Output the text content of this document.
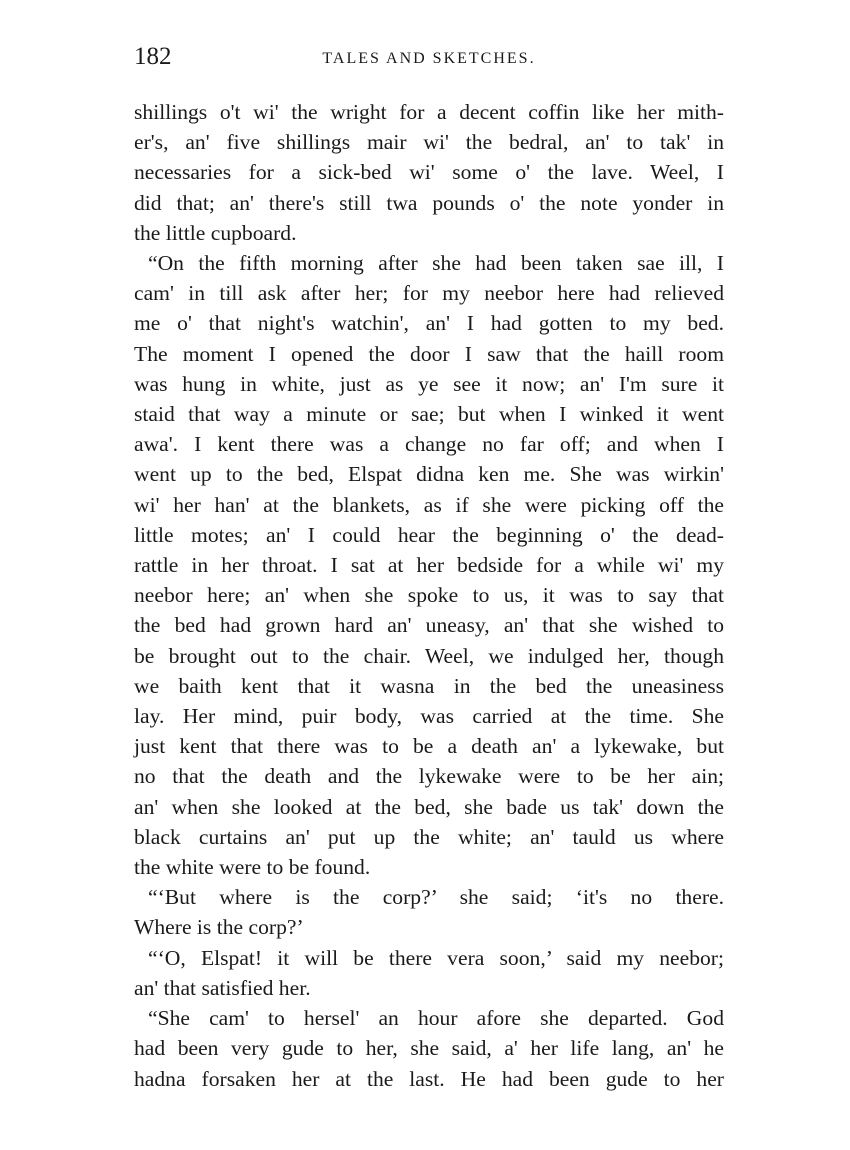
182	TALES AND SKETCHES.
shillings o't wi' the wright for a decent coffin like her mith-
er's, an' five shillings mair wi' the bedral, an' to tak' in
necessaries for a sick-bed wi' some o' the lave. Weel, I
did that; an' there's still twa pounds o' the note yonder in
the little cupboard.
“On the fifth morning after she had been taken sae ill, I
cam' in till ask after her; for my neebor here had relieved
me o' that night's watchin', an' I had gotten to my bed.
The moment I opened the door I saw that the haill room
was hung in white, just as ye see it now; an' I'm sure it
staid that way a minute or sae; but when I winked it went
awa'. I kent there was a change no far off; and when I
went up to the bed, Elspat didna ken me. She was wirkin'
wi' her han' at the blankets, as if she were picking off the
little motes; an' I could hear the beginning o' the dead-
rattle in her throat. I sat at her bedside for a while wi' my
neebor here; an' when she spoke to us, it was to say that
the bed had grown hard an' uneasy, an' that she wished to
be brought out to the chair. Weel, we indulged her, though
we baith kent that it wasna in the bed the uneasiness
lay. Her mind, puir body, was carried at the time. She
just kent that there was to be a death an' a lykewake, but
no that the death and the lykewake were to be her ain;
an' when she looked at the bed, she bade us tak' down the
black curtains an' put up the white; an' tauld us where
the white were to be found.
“‘But where is the corp?’ she said; ‘it's no there.
Where is the corp?’
“‘O, Elspat! it will be there vera soon,’ said my neebor;
an' that satisfied her.
“She cam' to hersel' an hour afore she departed. God
had been very gude to her, she said, a' her life lang, an' he
hadna forsaken her at the last. He had been gude to her
